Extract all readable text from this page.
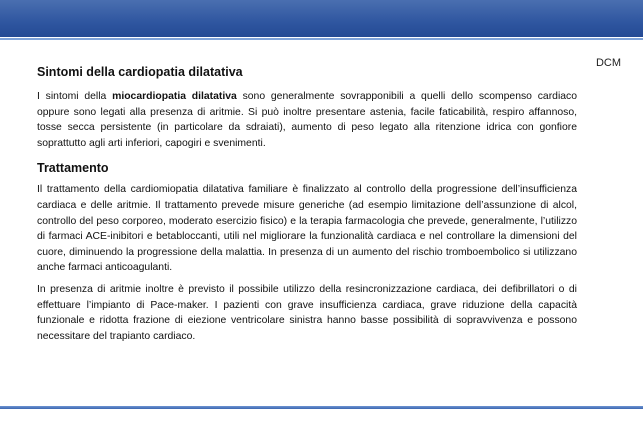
DCM
Sintomi della cardiopatia dilatativa

I sintomi della miocardiopatia dilatativa sono generalmente sovrapponibili a quelli dello scompenso cardiaco oppure sono legati alla presenza di aritmie. Si può inoltre presentare astenia, facile faticabilità, respiro affannoso, tosse secca persistente (in particolare da sdraiati), aumento di peso legato alla ritenzione idrica con gonfiore soprattutto agli arti inferiori, capogiri e svenimenti.

Trattamento

Il trattamento della cardiomiopatia dilatativa familiare è finalizzato al controllo della progressione dell’insufficienza cardiaca e delle aritmie. Il trattamento prevede misure generiche (ad esempio limitazione dell’assunzione di alcol, controllo del peso corporeo, moderato esercizio fisico) e la terapia farmacologia che prevede, generalmente, l’utilizzo di farmaci ACE-inibitori e betabloccanti, utili nel migliorare la funzionalità cardiaca e nel controllare la dimensioni del cuore, diminuendo la progressione della malattia. In presenza di un aumento del rischio tromboembolico si utilizzano anche farmaci anticoagulanti.

In presenza di aritmie inoltre è previsto il possibile utilizzo della resincronizzazione cardiaca, dei defibrillatori o di effettuare l’impianto di Pace-maker. I pazienti con grave insufficienza cardiaca, grave riduzione della capacità funzionale e ridotta frazione di eiezione ventricolare sinistra hanno basse possibilità di sopravvivenza e possono necessitare del trapianto cardiaco.
